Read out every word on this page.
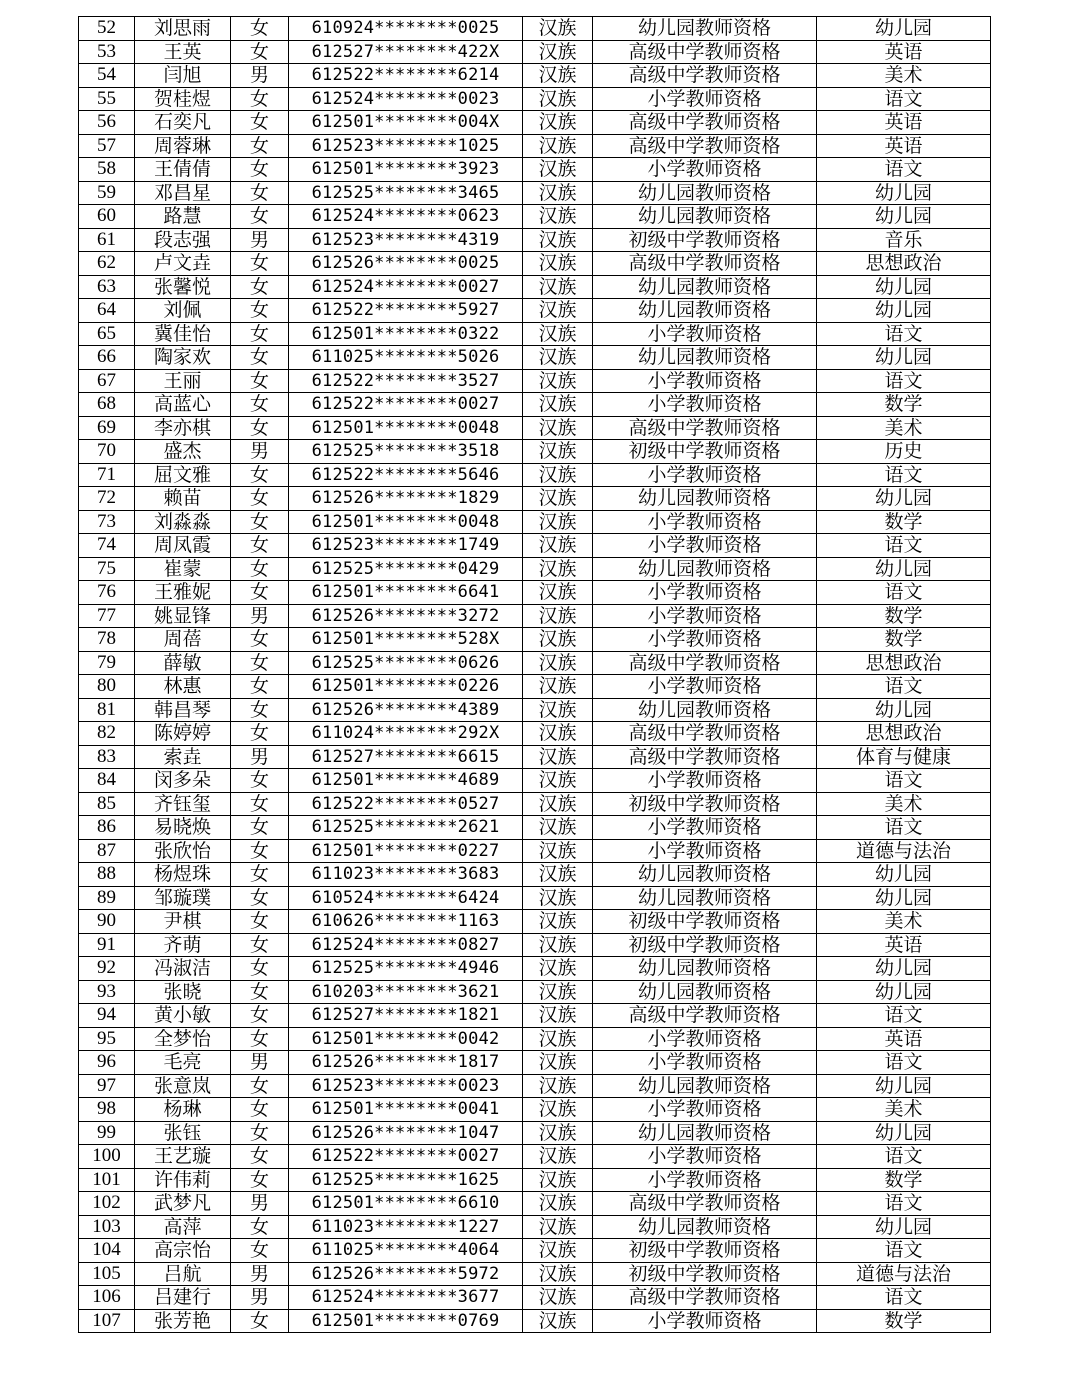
52	刘思雨	女	610924********0025	汉族	幼儿园教师资格	幼儿园
53	王英	女	612527********422X	汉族	高级中学教师资格	英语
54	闫旭	男	612522********6214	汉族	高级中学教师资格	美术
55	贺桂煜	女	612524********0023	汉族	小学教师资格	语文
56	石奕凡	女	612501********004X	汉族	高级中学教师资格	英语
57	周蓉琳	女	612523********1025	汉族	高级中学教师资格	英语
58	王倩倩	女	612501********3923	汉族	小学教师资格	语文
59	邓昌星	女	612525********3465	汉族	幼儿园教师资格	幼儿园
60	路慧	女	612524********0623	汉族	幼儿园教师资格	幼儿园
61	段志强	男	612523********4319	汉族	初级中学教师资格	音乐
62	卢文垚	女	612526********0025	汉族	高级中学教师资格	思想政治
63	张馨悦	女	612524********0027	汉族	幼儿园教师资格	幼儿园
64	刘佩	女	612522********5927	汉族	幼儿园教师资格	幼儿园
65	冀佳怡	女	612501********0322	汉族	小学教师资格	语文
66	陶家欢	女	611025********5026	汉族	幼儿园教师资格	幼儿园
67	王丽	女	612522********3527	汉族	小学教师资格	语文
68	高蓝心	女	612522********0027	汉族	小学教师资格	数学
69	李亦棋	女	612501********0048	汉族	高级中学教师资格	美术
70	盛杰	男	612525********3518	汉族	初级中学教师资格	历史
71	屈文雅	女	612522********5646	汉族	小学教师资格	语文
72	赖苗	女	612526********1829	汉族	幼儿园教师资格	幼儿园
73	刘淼淼	女	612501********0048	汉族	小学教师资格	数学
74	周凤霞	女	612523********1749	汉族	小学教师资格	语文
75	崔蒙	女	612525********0429	汉族	幼儿园教师资格	幼儿园
76	王雅妮	女	612501********6641	汉族	小学教师资格	语文
77	姚显锋	男	612526********3272	汉族	小学教师资格	数学
78	周蓓	女	612501********528X	汉族	小学教师资格	数学
79	薛敏	女	612525********0626	汉族	高级中学教师资格	思想政治
80	林惠	女	612501********0226	汉族	小学教师资格	语文
81	韩昌琴	女	612526********4389	汉族	幼儿园教师资格	幼儿园
82	陈婷婷	女	611024********292X	汉族	高级中学教师资格	思想政治
83	索垚	男	612527********6615	汉族	高级中学教师资格	体育与健康
84	闵多朵	女	612501********4689	汉族	小学教师资格	语文
85	齐钰玺	女	612522********0527	汉族	初级中学教师资格	美术
86	易晓焕	女	612525********2621	汉族	小学教师资格	语文
87	张欣怡	女	612501********0227	汉族	小学教师资格	道德与法治
88	杨煜珠	女	611023********3683	汉族	幼儿园教师资格	幼儿园
89	邹璇璞	女	610524********6424	汉族	幼儿园教师资格	幼儿园
90	尹棋	女	610626********1163	汉族	初级中学教师资格	美术
91	齐萌	女	612524********0827	汉族	初级中学教师资格	英语
92	冯淑洁	女	612525********4946	汉族	幼儿园教师资格	幼儿园
93	张晓	女	610203********3621	汉族	幼儿园教师资格	幼儿园
94	黄小敏	女	612527********1821	汉族	高级中学教师资格	语文
95	全梦怡	女	612501********0042	汉族	小学教师资格	英语
96	毛亮	男	612526********1817	汉族	小学教师资格	语文
97	张意岚	女	612523********0023	汉族	幼儿园教师资格	幼儿园
98	杨琳	女	612501********0041	汉族	小学教师资格	美术
99	张钰	女	612526********1047	汉族	幼儿园教师资格	幼儿园
100	王艺璇	女	612522********0027	汉族	小学教师资格	语文
101	许伟莉	女	612525********1625	汉族	小学教师资格	数学
102	武梦凡	男	612501********6610	汉族	高级中学教师资格	语文
103	高萍	女	611023********1227	汉族	幼儿园教师资格	幼儿园
104	高宗怡	女	611025********4064	汉族	初级中学教师资格	语文
105	吕航	男	612526********5972	汉族	初级中学教师资格	道德与法治
106	吕建行	男	612524********3677	汉族	高级中学教师资格	语文
107	张芳艳	女	612501********0769	汉族	小学教师资格	数学
